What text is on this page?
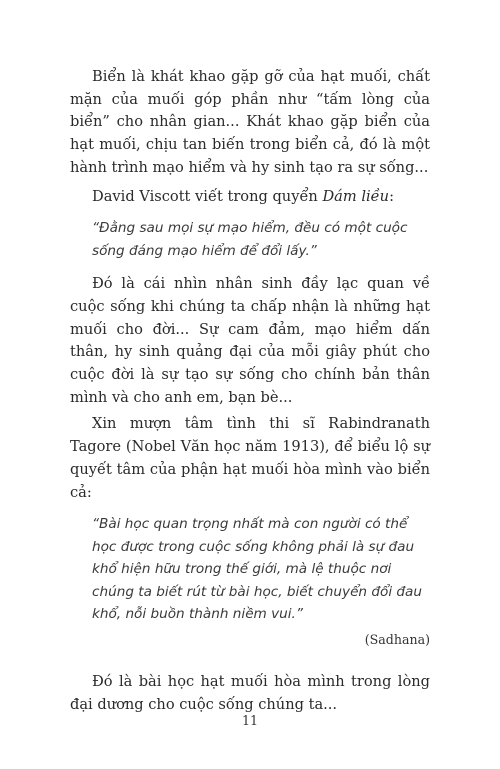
Biển là khát khao gặp gỡ của hạt muối, chất mặn của muối góp phần như “tấm lòng của biển” cho nhân gian... Khát khao gặp biển của hạt muối, chịu tan biến trong biển cả, đó là một hành trình mạo hiểm và hy sinh tạo ra sự sống...

David Viscott viết trong quyển Dám liều:

“Đằng sau mọi sự mạo hiểm, đều có một cuộc sống đáng mạo hiểm để đổi lấy.”

Đó là cái nhìn nhân sinh đầy lạc quan về cuộc sống khi chúng ta chấp nhận là những hạt muối cho đời... Sự cam đảm, mạo hiểm dấn thân, hy sinh quảng đại của mỗi giây phút cho cuộc đời là sự tạo sự sống cho chính bản thân mình và cho anh em, bạn bè...

Xin mượn tâm tình thi sĩ Rabindranath Tagore (Nobel Văn học năm 1913), để biểu lộ sự quyết tâm của phận hạt muối hòa mình vào biển cả:

“Bài học quan trọng nhất mà con người có thể học được trong cuộc sống không phải là sự đau khổ hiện hữu trong thế giới, mà lệ thuộc nơi chúng ta biết rút từ bài học, biết chuyển đổi đau khổ, nỗi buồn thành niềm vui.”

(Sadhana)

Đó là bài học hạt muối hòa mình trong lòng đại dương cho cuộc sống chúng ta...

11
